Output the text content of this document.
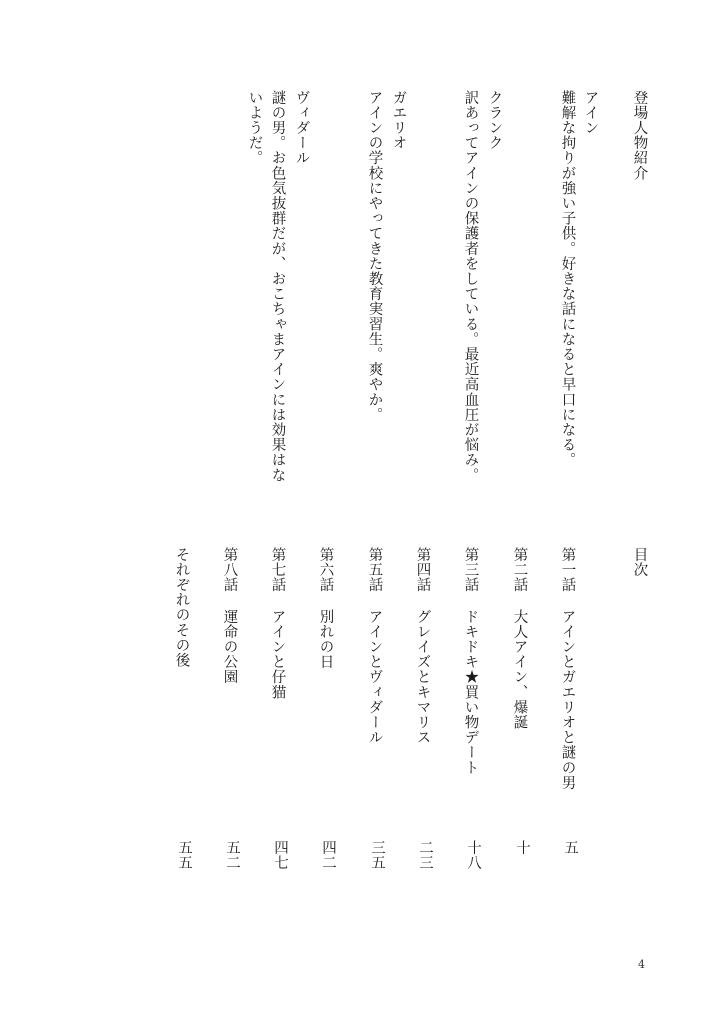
登場人物紹介
アイン
難解な拘りが強い子供。好きな話になると早口になる。
クランク
訳あってアインの保護者をしている。最近高血圧が悩み。
ガエリオ
アインの学校にやってきた教育実習生。爽やか。
ヴィダール
謎の男。お色気抜群だが、おこちゃまアインには効果はな
いようだ。
目次
第一話
アインとガエリオと謎の男
五
第二話
大人アイン、爆誕
十
第三話
ドキドキ★買い物デート
十八
第四話
グレイズとキマリス
二三
第五話
アインとヴィダール
三五
第六話
別れの日
四二
第七話
アインと仔猫
四七
第八話
運命の公園
五二
それぞれのその後
五五
4
